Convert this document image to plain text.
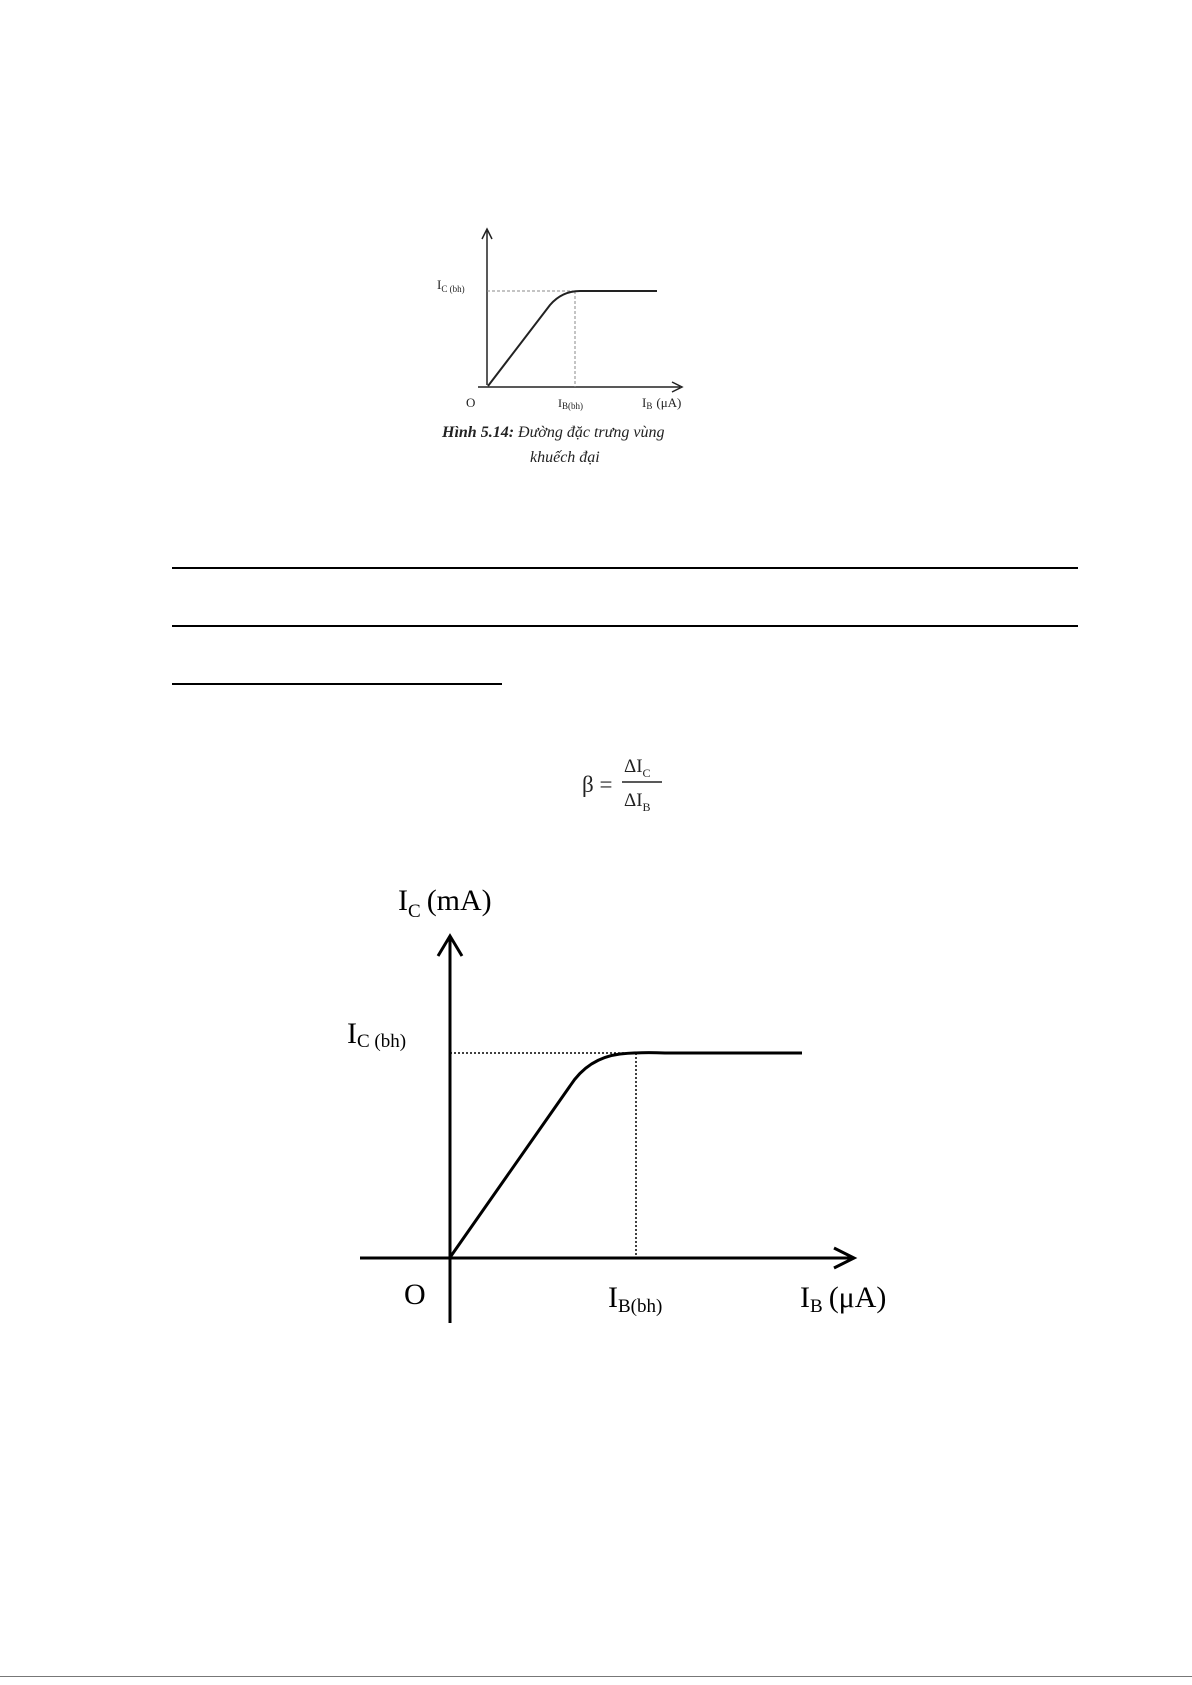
$I_{C (bh)}$
O	IB(bh)	IB (μA)
Hình 5.14: Đường đặc trưng vùng
khuếch đại
β =
$\Delta I_C$
$\Delta I_B$
$I_C$ (mA)
IC (bh)
O	IB(bh)	IB (μA)
